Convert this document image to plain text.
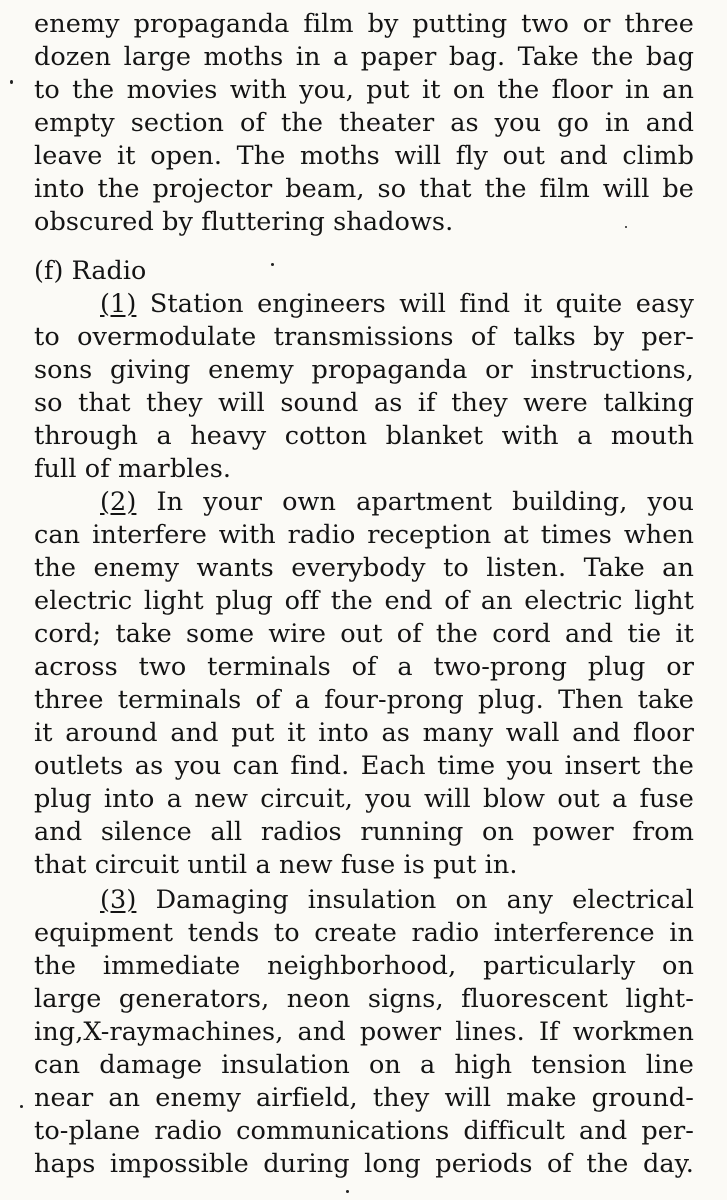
enemy propaganda film by putting two or three
dozen large moths in a paper bag. Take the bag
to the movies with you, put it on the floor in an
empty section of the theater as you go in and
leave it open. The moths will fly out and climb
into the projector beam, so that the film will be
obscured by fluttering shadows.
(f) Radio
(1) Station engineers will find it quite easy
to overmodulate transmissions of talks by per-
sons giving enemy propaganda or instructions,
so that they will sound as if they were talking
through a heavy cotton blanket with a mouth
full of marbles.
(2) In your own apartment building, you
can interfere with radio reception at times when
the enemy wants everybody to listen. Take an
electric light plug off the end of an electric light
cord; take some wire out of the cord and tie it
across two terminals of a two-prong plug or
three terminals of a four-prong plug. Then take
it around and put it into as many wall and floor
outlets as you can find. Each time you insert the
plug into a new circuit, you will blow out a fuse
and silence all radios running on power from
that circuit until a new fuse is put in.
(3) Damaging insulation on any electrical
equipment tends to create radio interference in
the immediate neighborhood, particularly on
large generators, neon signs, fluorescent light-
ing,X-raymachines, and power lines. If workmen
can damage insulation on a high tension line
near an enemy airfield, they will make ground-
to-plane radio communications difficult and per-
haps impossible during long periods of the day.
